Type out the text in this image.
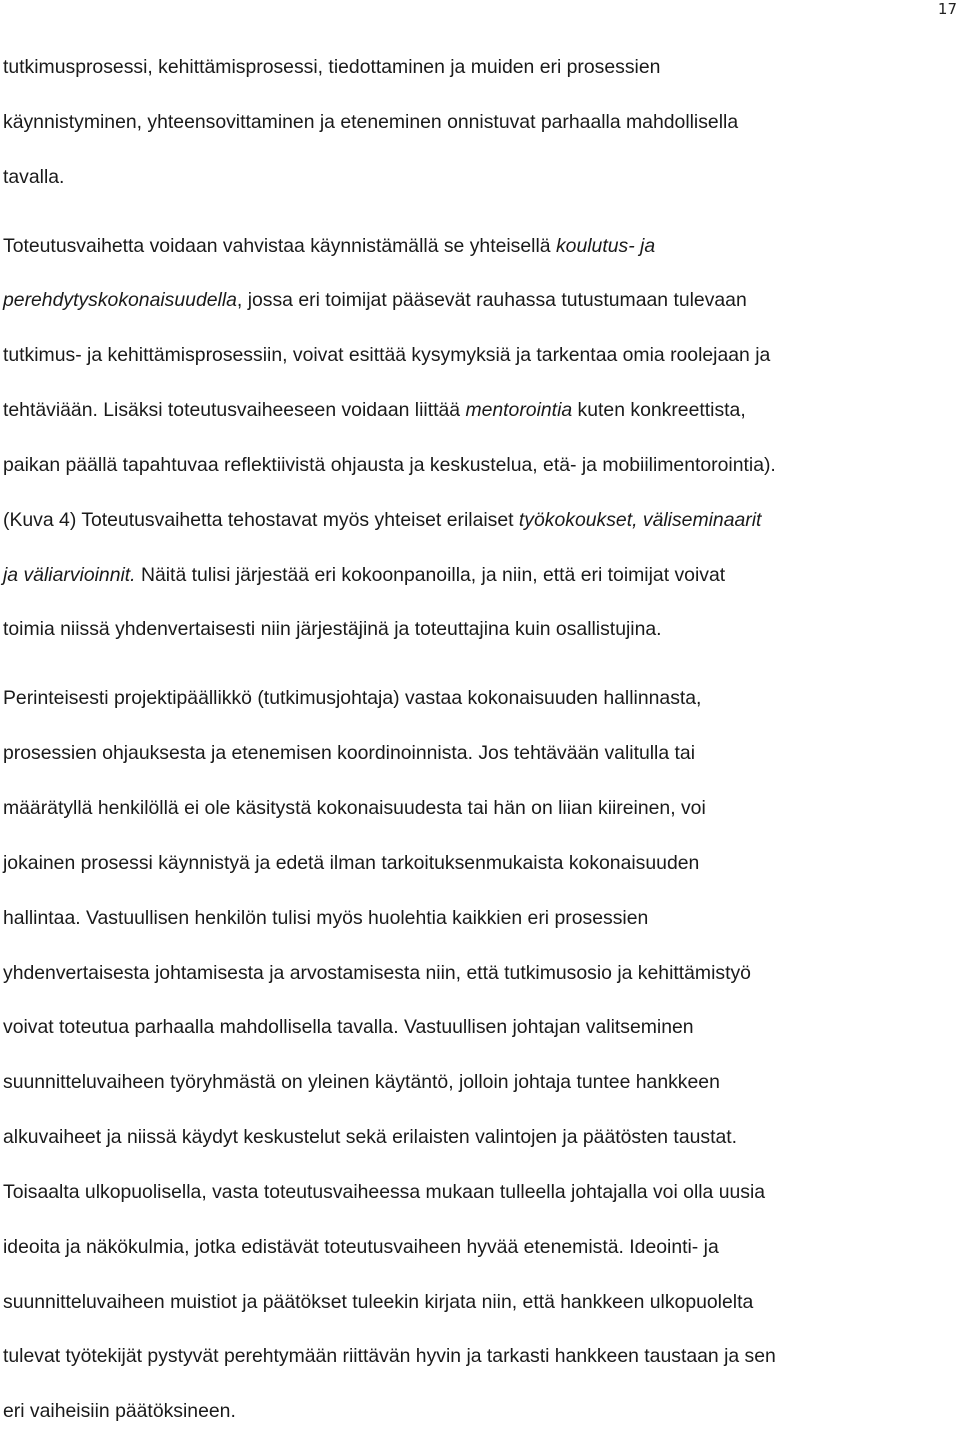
17
tutkimusprosessi, kehittämisprosessi, tiedottaminen ja muiden eri prosessien
käynnistyminen, yhteensovittaminen ja eteneminen onnistuvat parhaalla mahdollisella
tavalla.
Toteutusvaihetta voidaan vahvistaa käynnistämällä se yhteisellä koulutus- ja
perehdytyskokonaisuudella, jossa eri toimijat pääsevät rauhassa tutustumaan tulevaan
tutkimus- ja kehittämisprosessiin, voivat esittää kysymyksiä ja tarkentaa omia roolejaan ja
tehtäviään. Lisäksi toteutusvaiheeseen voidaan liittää mentorointia kuten konkreettista,
paikan päällä tapahtuvaa reflektiivistä ohjausta ja keskustelua, etä- ja mobiilimentorointia).
(Kuva 4) Toteutusvaihetta tehostavat myös yhteiset erilaiset työkokoukset, väliseminaarit
ja väliarvioinnit. Näitä tulisi järjestää eri kokoonpanoilla, ja niin, että eri toimijat voivat
toimia niissä yhdenvertaisesti niin järjestäjinä ja toteuttajina kuin osallistujina.
Perinteisesti projektipäällikkö (tutkimusjohtaja) vastaa kokonaisuuden hallinnasta,
prosessien ohjauksesta ja etenemisen koordinoinnista. Jos tehtävään valitulla tai
määrätyllä henkilöllä ei ole käsitystä kokonaisuudesta tai hän on liian kiireinen, voi
jokainen prosessi käynnistyä ja edetä ilman tarkoituksenmukaista kokonaisuuden
hallintaa. Vastuullisen henkilön tulisi myös huolehtia kaikkien eri prosessien
yhdenvertaisesta johtamisesta ja arvostamisesta niin, että tutkimusosio ja kehittämistyö
voivat toteutua parhaalla mahdollisella tavalla. Vastuullisen johtajan valitseminen
suunnitteluvaiheen työryhmästä on yleinen käytäntö, jolloin johtaja tuntee hankkeen
alkuvaiheet ja niissä käydyt keskustelut sekä erilaisten valintojen ja päätösten taustat.
Toisaalta ulkopuolisella, vasta toteutusvaiheessa mukaan tulleella johtajalla voi olla uusia
ideoita ja näkökulmia, jotka edistävät toteutusvaiheen hyvää etenemistä. Ideointi- ja
suunnitteluvaiheen muistiot ja päätökset tuleekin kirjata niin, että hankkeen ulkopuolelta
tulevat työtekijät pystyvät perehtymään riittävän hyvin ja tarkasti hankkeen taustaan ja sen
eri vaiheisiin päätöksineen.
